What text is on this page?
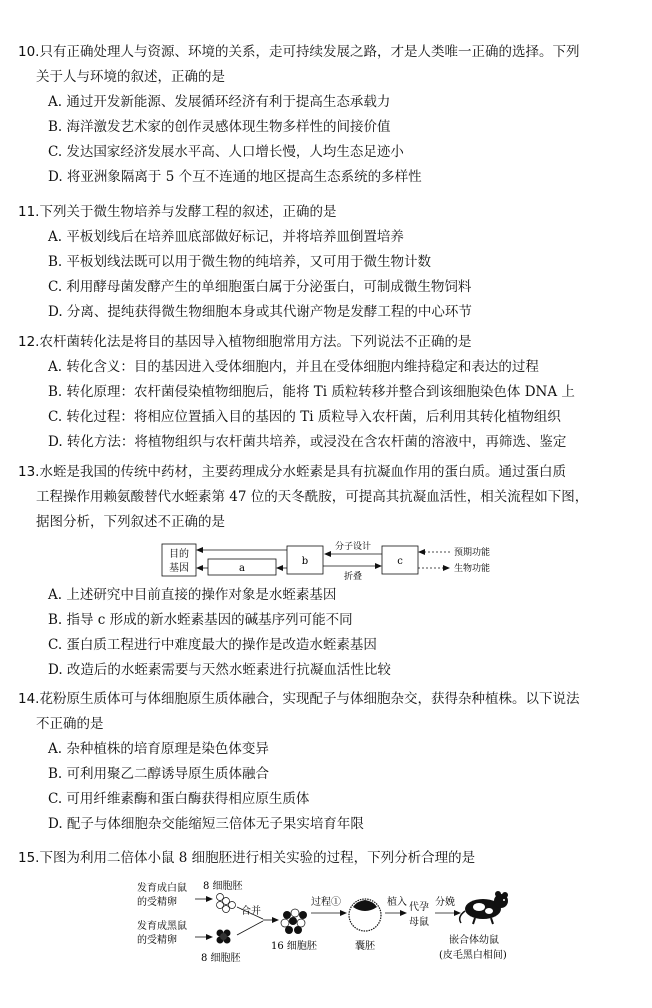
10.只有正确处理人与资源、环境的关系，走可持续发展之路，才是人类唯一正确的选择。下列
关于人与环境的叙述，正确的是
A. 通过开发新能源、发展循环经济有利于提高生态承载力
B. 海洋激发艺术家的创作灵感体现生物多样性的间接价值
C. 发达国家经济发展水平高、人口增长慢，人均生态足迹小
D. 将亚洲象隔离于 5 个互不连通的地区提高生态系统的多样性
11.下列关于微生物培养与发酵工程的叙述，正确的是
A. 平板划线后在培养皿底部做好标记，并将培养皿倒置培养
B. 平板划线法既可以用于微生物的纯培养，又可用于微生物计数
C. 利用酵母菌发酵产生的单细胞蛋白属于分泌蛋白，可制成微生物饲料
D. 分离、提纯获得微生物细胞本身或其代谢产物是发酵工程的中心环节
12.农杆菌转化法是将目的基因导入植物细胞常用方法。下列说法不正确的是
A. 转化含义：目的基因进入受体细胞内，并且在受体细胞内维持稳定和表达的过程
B. 转化原理：农杆菌侵染植物细胞后，能将 Ti 质粒转移并整合到该细胞染色体 DNA 上
C. 转化过程：将相应位置插入目的基因的 Ti 质粒导入农杆菌，后利用其转化植物组织
D. 转化方法：将植物组织与农杆菌共培养，或浸没在含农杆菌的溶液中，再筛选、鉴定
13.水蛭是我国的传统中药材，主要药理成分水蛭素是具有抗凝血作用的蛋白质。通过蛋白质
工程操作用赖氨酸替代水蛭素第 47 位的天冬酰胺，可提高其抗凝血活性，相关流程如下图，
据图分析，下列叙述不正确的是
目的
基因	a
b
分子设计
折叠
c
预期功能
生物功能
A. 上述研究中目前直接的操作对象是水蛭素基因
B. 指导 c 形成的新水蛭素基因的碱基序列可能不同
C. 蛋白质工程进行中难度最大的操作是改造水蛭素基因
D. 改造后的水蛭素需要与天然水蛭素进行抗凝血活性比较
14.花粉原生质体可与体细胞原生质体融合，实现配子与体细胞杂交，获得杂种植株。以下说法
不正确的是
A. 杂种植株的培育原理是染色体变异
B. 可利用聚乙二醇诱导原生质体融合
C. 可用纤维素酶和蛋白酶获得相应原生质体
D. 配子与体细胞杂交能缩短三倍体无子果实培育年限
15.下图为利用二倍体小鼠 8 细胞胚进行相关实验的过程，下列分析合理的是
发育成白鼠
的受精卵
发育成黑鼠
的受精卵
8 细胞胚
8 细胞胚
合并
16 细胞胚
过程①
囊胚
植入 代孕
母鼠
分娩
嵌合体幼鼠
(皮毛黑白相间)
